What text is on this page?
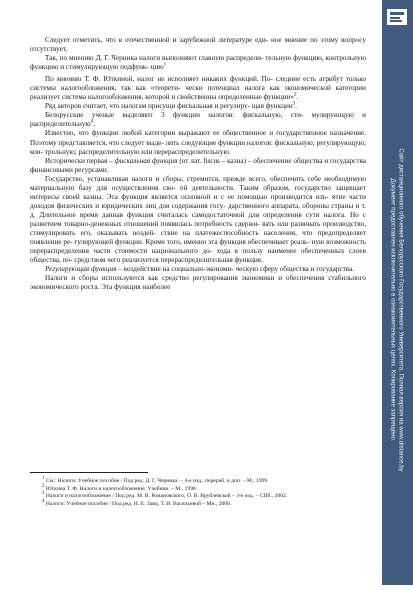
Следует отметить, что в отечественной и зарубежной литературе еди- ное мнение по этому вопросу отсутствует.

Так, по мнению Д. Г. Черника налоги выполняют главную распредели- тельную функцию, контрольную функцию и стимулирующую подфунк- цию$^1$

По мнению Т. Ф. Юткиной, налог не исполняет никаких функций. По- следние есть атрибут только системы налогообложения, так как «теорети- чески потенциал налога как экономической категории реализует система налогообложения, которой и свойственны определенные функции»$^2$.

Ряд авторов считает, что налогам присущи фискальная и регулиру- щая функции$^3$.

Белорусские ученые выделяют 3 функции налогов: фискальную, сти- мулирующую и распределительную$^4$.

Известно, что функции любой категории выражают ее общественное и государственное назначение. Поэтому представляется, что следует выде- лить следующие функции налогов: фискальную; регулирующую; кон- трольную; распределительную или перераспределительную.

Исторически первая – фискальная функция (от лат. fiscus – казна) – обеспечение общества и государства финансовыми ресурсами.

Государство, устанавливая налоги и сборы, стремится, прежде всего, обеспечить себе необходимую материальную базу для осуществления сво- ей деятельности. Таким образом, государство защищает интересы своей казны. Эта функция является основной и с ее помощью производится изъ- ятие части доходов физических и юридических лиц для содержания госу- дарственного аппарата, обороны страны и т. д. Длительное время данная функция считалась самодостаточной для определения сути налога. Но с развитием товарно-денежных отношений появилась потребность сдержи- вать или развивать производство, стимулировать его, оказывать воздей- ствие на платежеспособность населения, что предопределяет появление ре- гулирующей функции. Кроме того, именно эта функция обеспечивает реаль- ную возможность перераспределения части стоимости национального до- хода в пользу наименее обеспеченных слоев общества, по- средством чего реализуется перераспределительная функция.

Регулирующая функция – воздействие на социально-экономи- ческую сферу общества и государства.

Налоги и сборы используются как средство регулирования экономики и обеспечения стабильного экономического роста. Эта функция наиболее

$^1$ См.: Налоги: Учебное пособие / Под ред. Д. Г. Черника. – 4-е изд., перераб. и доп. – М., 1999.

$^2$ Юткина Т. Ф. Налоги и налогообложение: Учебник. – М., 1998.

$^3$ Налоги и налогообложение / Под ред. М. В. Романовского, О. В. Врублевской – 3-е изд. – СПб., 2002.

$^4$ Налоги: Учебное пособие / Под ред. Н. Е. Заяц, Т. И. Васильевой – Мн., 2000.

Сайт дистанционного обучения Белорусского Государственного Университета. Полная версия на www.distance.by
Документ предоставлен исключительно в ознакомительных целях. Копирование запрещено.
